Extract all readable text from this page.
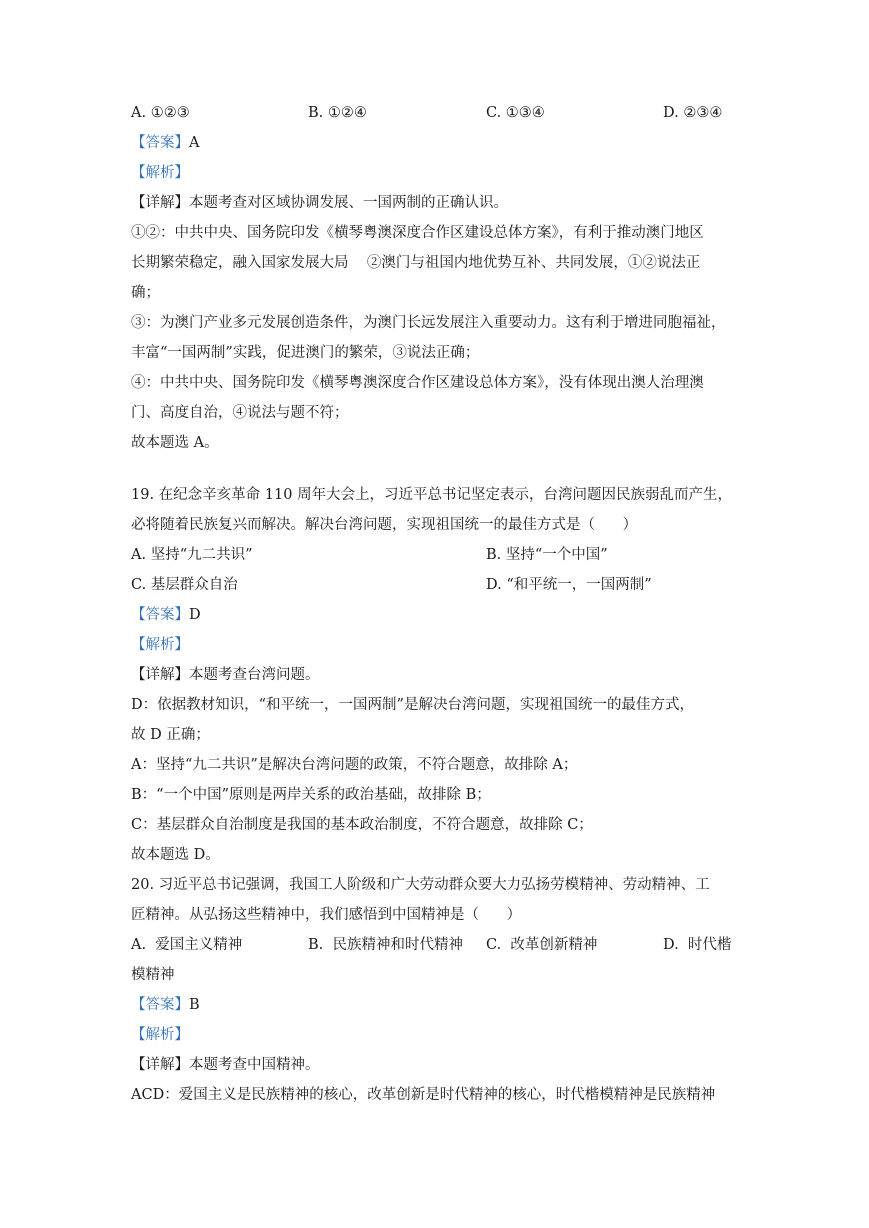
A. ①②③	B. ①②④	C. ①③④	D. ②③④
【答案】A
【解析】
【详解】本题考查对区域协调发展、一国两制的正确认识。
①②：中共中央、国务院印发《横琴粤澳深度合作区建设总体方案》，有利于推动澳门地区
长期繁荣稳定，融入国家发展大局    ②澳门与祖国内地优势互补、共同发展，①②说法正
确；
③：为澳门产业多元发展创造条件，为澳门长远发展注入重要动力。这有利于增进同胞福祉，
丰富“一国两制”实践，促进澳门的繁荣，③说法正确；
④：中共中央、国务院印发《横琴粤澳深度合作区建设总体方案》，没有体现出澳人治理澳
门、高度自治，④说法与题不符；
故本题选 A。
19. 在纪念辛亥革命 110 周年大会上，习近平总书记坚定表示，台湾问题因民族弱乱而产生，
必将随着民族复兴而解决。解决台湾问题，实现祖国统一的最佳方式是（      ）
A. 坚持“九二共识”	B. 坚持“一个中国”
C. 基层群众自治	D. “和平统一，一国两制”
【答案】D
【解析】
【详解】本题考查台湾问题。
D：依据教材知识，“和平统一，一国两制”是解决台湾问题，实现祖国统一的最佳方式，
故 D 正确；
A：坚持“九二共识”是解决台湾问题的政策，不符合题意，故排除 A；
B：“一个中国”原则是两岸关系的政治基础，故排除 B；
C：基层群众自治制度是我国的基本政治制度，不符合题意，故排除 C；
故本题选 D。
20. 习近平总书记强调，我国工人阶级和广大劳动群众要大力弘扬劳模精神、劳动精神、工
匠精神。从弘扬这些精神中，我们感悟到中国精神是（      ）
A.  爱国主义精神	B.  民族精神和时代精神 C.  改革创新精神	D.  时代楷
模精神
【答案】B
【解析】
【详解】本题考查中国精神。
ACD：爱国主义是民族精神的核心，改革创新是时代精神的核心，时代楷模精神是民族精神
